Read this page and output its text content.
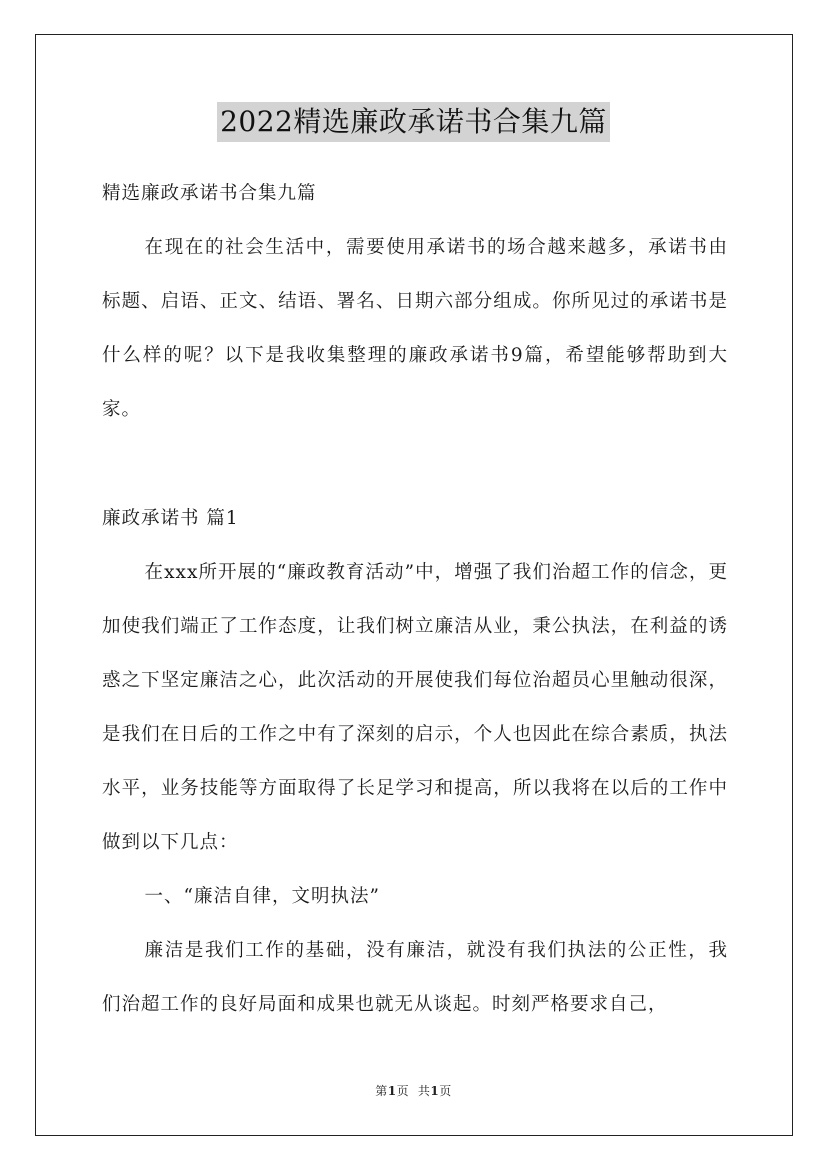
2022精选廉政承诺书合集九篇

精选廉政承诺书合集九篇

在现在的社会生活中，需要使用承诺书的场合越来越多，承诺书由标题、启语、正文、结语、署名、日期六部分组成。你所见过的承诺书是什么样的呢？以下是我收集整理的廉政承诺书9篇，希望能够帮助到大家。

廉政承诺书 篇1

在xxx所开展的“廉政教育活动”中，增强了我们治超工作的信念，更加使我们端正了工作态度，让我们树立廉洁从业，秉公执法，在利益的诱惑之下坚定廉洁之心，此次活动的开展使我们每位治超员心里触动很深，是我们在日后的工作之中有了深刻的启示，个人也因此在综合素质，执法水平，业务技能等方面取得了长足学习和提高，所以我将在以后的工作中做到以下几点：

一、“廉洁自律，文明执法”

廉洁是我们工作的基础，没有廉洁，就没有我们执法的公正性，我们治超工作的良好局面和成果也就无从谈起。时刻严格要求自己，

第1页 共1页
